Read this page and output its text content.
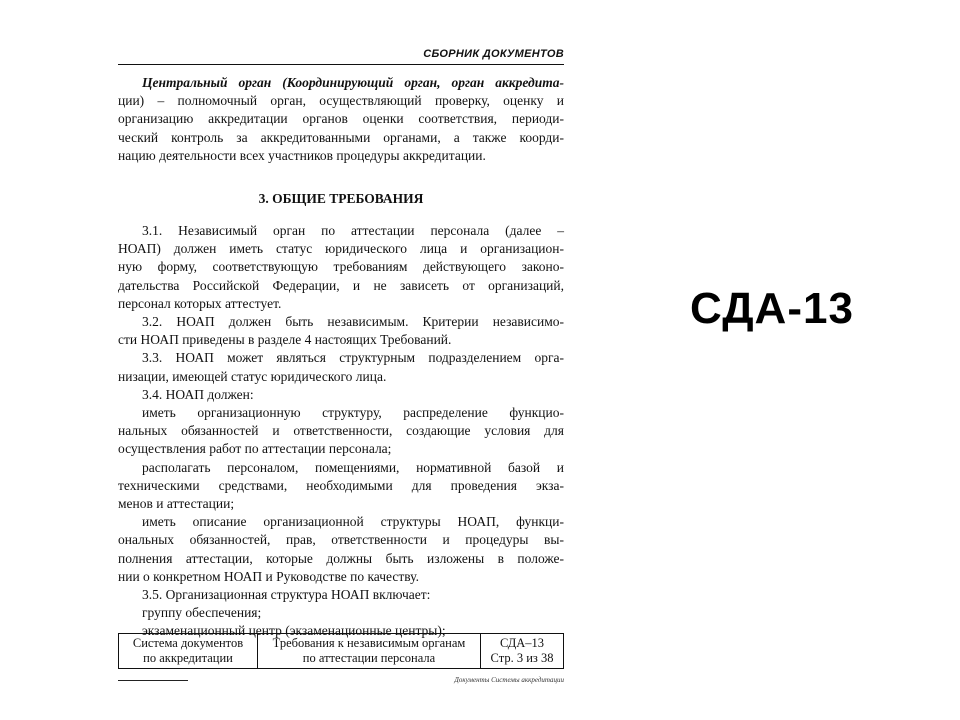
СБОРНИК ДОКУМЕНТОВ
Центральный орган (Координирующий орган, орган аккредита-
ции) – полномочный орган, осуществляющий проверку, оценку и
организацию аккредитации органов оценки соответствия, периоди-
ческий контроль за аккредитованными органами, а также коорди-
нацию деятельности всех участников процедуры аккредитации.
3. ОБЩИЕ ТРЕБОВАНИЯ
3.1. Независимый орган по аттестации персонала (далее –
НОАП) должен иметь статус юридического лица и организацион-
ную форму, соответствующую требованиям действующего законо-
дательства Российской Федерации, и не зависеть от организаций,
персонал которых аттестует.
3.2. НОАП должен быть независимым. Критерии независимо-
сти НОАП приведены в разделе 4 настоящих Требований.
3.3. НОАП может являться структурным подразделением орга-
низации, имеющей статус юридического лица.
3.4. НОАП должен:
иметь организационную структуру, распределение функцио-
нальных обязанностей и ответственности, создающие условия для
осуществления работ по аттестации персонала;
располагать персоналом, помещениями, нормативной базой и
техническими средствами, необходимыми для проведения экза-
менов и аттестации;
иметь описание организационной структуры НОАП, функци-
ональных обязанностей, прав, ответственности и процедуры вы-
полнения аттестации, которые должны быть изложены в положе-
нии о конкретном НОАП и Руководстве по качеству.
3.5. Организационная структура НОАП включает:
группу обеспечения;
экзаменационный центр (экзаменационные центры);
Система документов
по аккредитации
Требования к независимым органам
по аттестации персонала
СДА–13
Стр. 3 из 38
Документы Системы аккредитации
СДА-13
